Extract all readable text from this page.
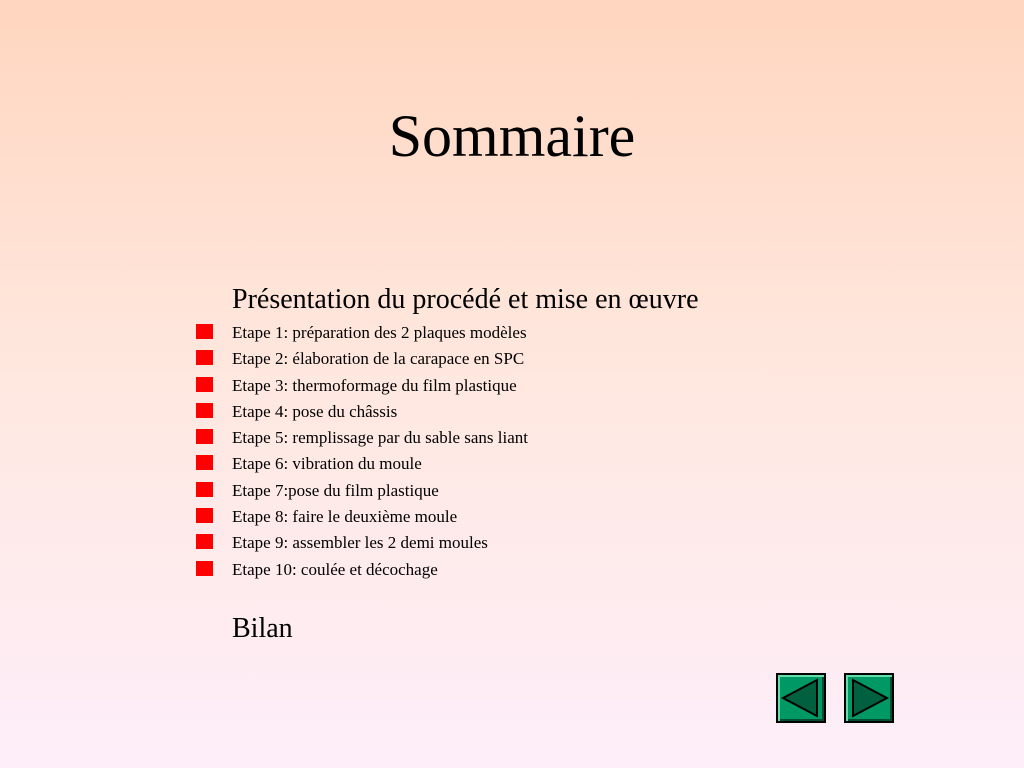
Sommaire
Présentation du procédé et mise en œuvre
Etape 1: préparation des 2 plaques modèles
Etape 2: élaboration de la carapace en SPC
Etape 3: thermoformage du film plastique
Etape 4: pose du châssis
Etape 5: remplissage par du sable sans liant
Etape 6: vibration du moule
Etape 7:pose du film plastique
Etape 8: faire le deuxième moule
Etape 9: assembler les 2 demi moules
Etape 10: coulée et décochage
Bilan
